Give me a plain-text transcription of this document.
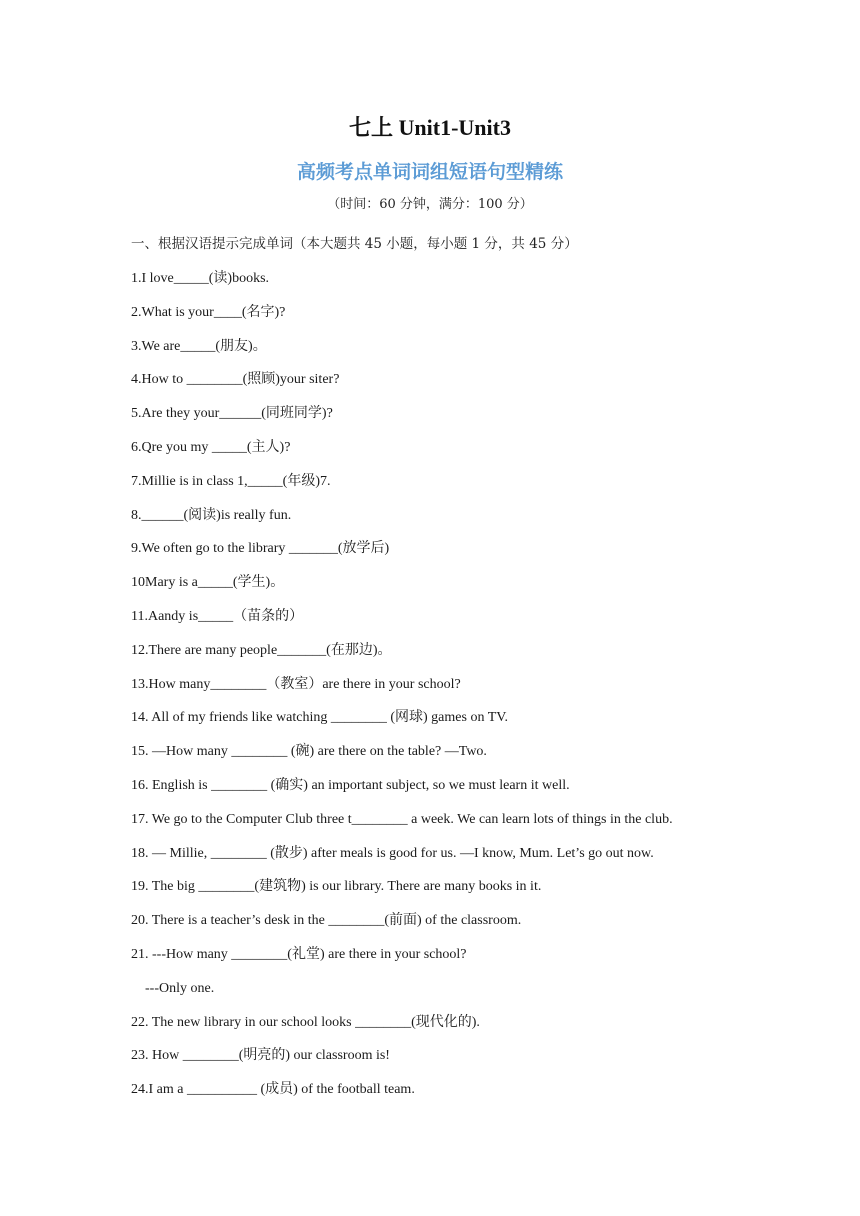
七上 Unit1-Unit3
高频考点单词词组短语句型精练
（时间：60 分钟，满分：100 分）
一、根据汉语提示完成单词（本大题共 45 小题，每小题 1 分，共 45 分）
1.I love_____(读)books.
2.What is your____(名字)?
3.We are_____(朋友)。
4.How to ________(照顾)your siter?
5.Are they your______(同班同学)?
6.Qre you my _____(主人)?
7.Millie is in class 1,_____(年级)7.
8.______(阅读)is really fun.
9.We often go to the library _______(放学后)
10Mary is a_____(学生)。
11.Aandy is_____（苗条的）
12.There are many people_______(在那边)。
13.How many________（教室）are there in your school?
14. All of my friends like watching ________ (网球) games on TV.
15. —How many ________ (碗) are there on the table? —Two.
16. English is ________ (确实) an important subject, so we must learn it well.
17. We go to the Computer Club three t________ a week. We can learn lots of things in the club.
18. — Millie, ________ (散步) after meals is good for us. —I know, Mum. Let’s go out now.
19. The big ________(建筑物) is our library. There are many books in it.
20. There is a teacher’s desk in the ________(前面) of the classroom.
21. ---How many ________(礼堂) are there in your school?
---Only one.
22. The new library in our school looks ________(现代化的).
23. How ________(明亮的) our classroom is!
24.I am a __________ (成员) of the football team.
